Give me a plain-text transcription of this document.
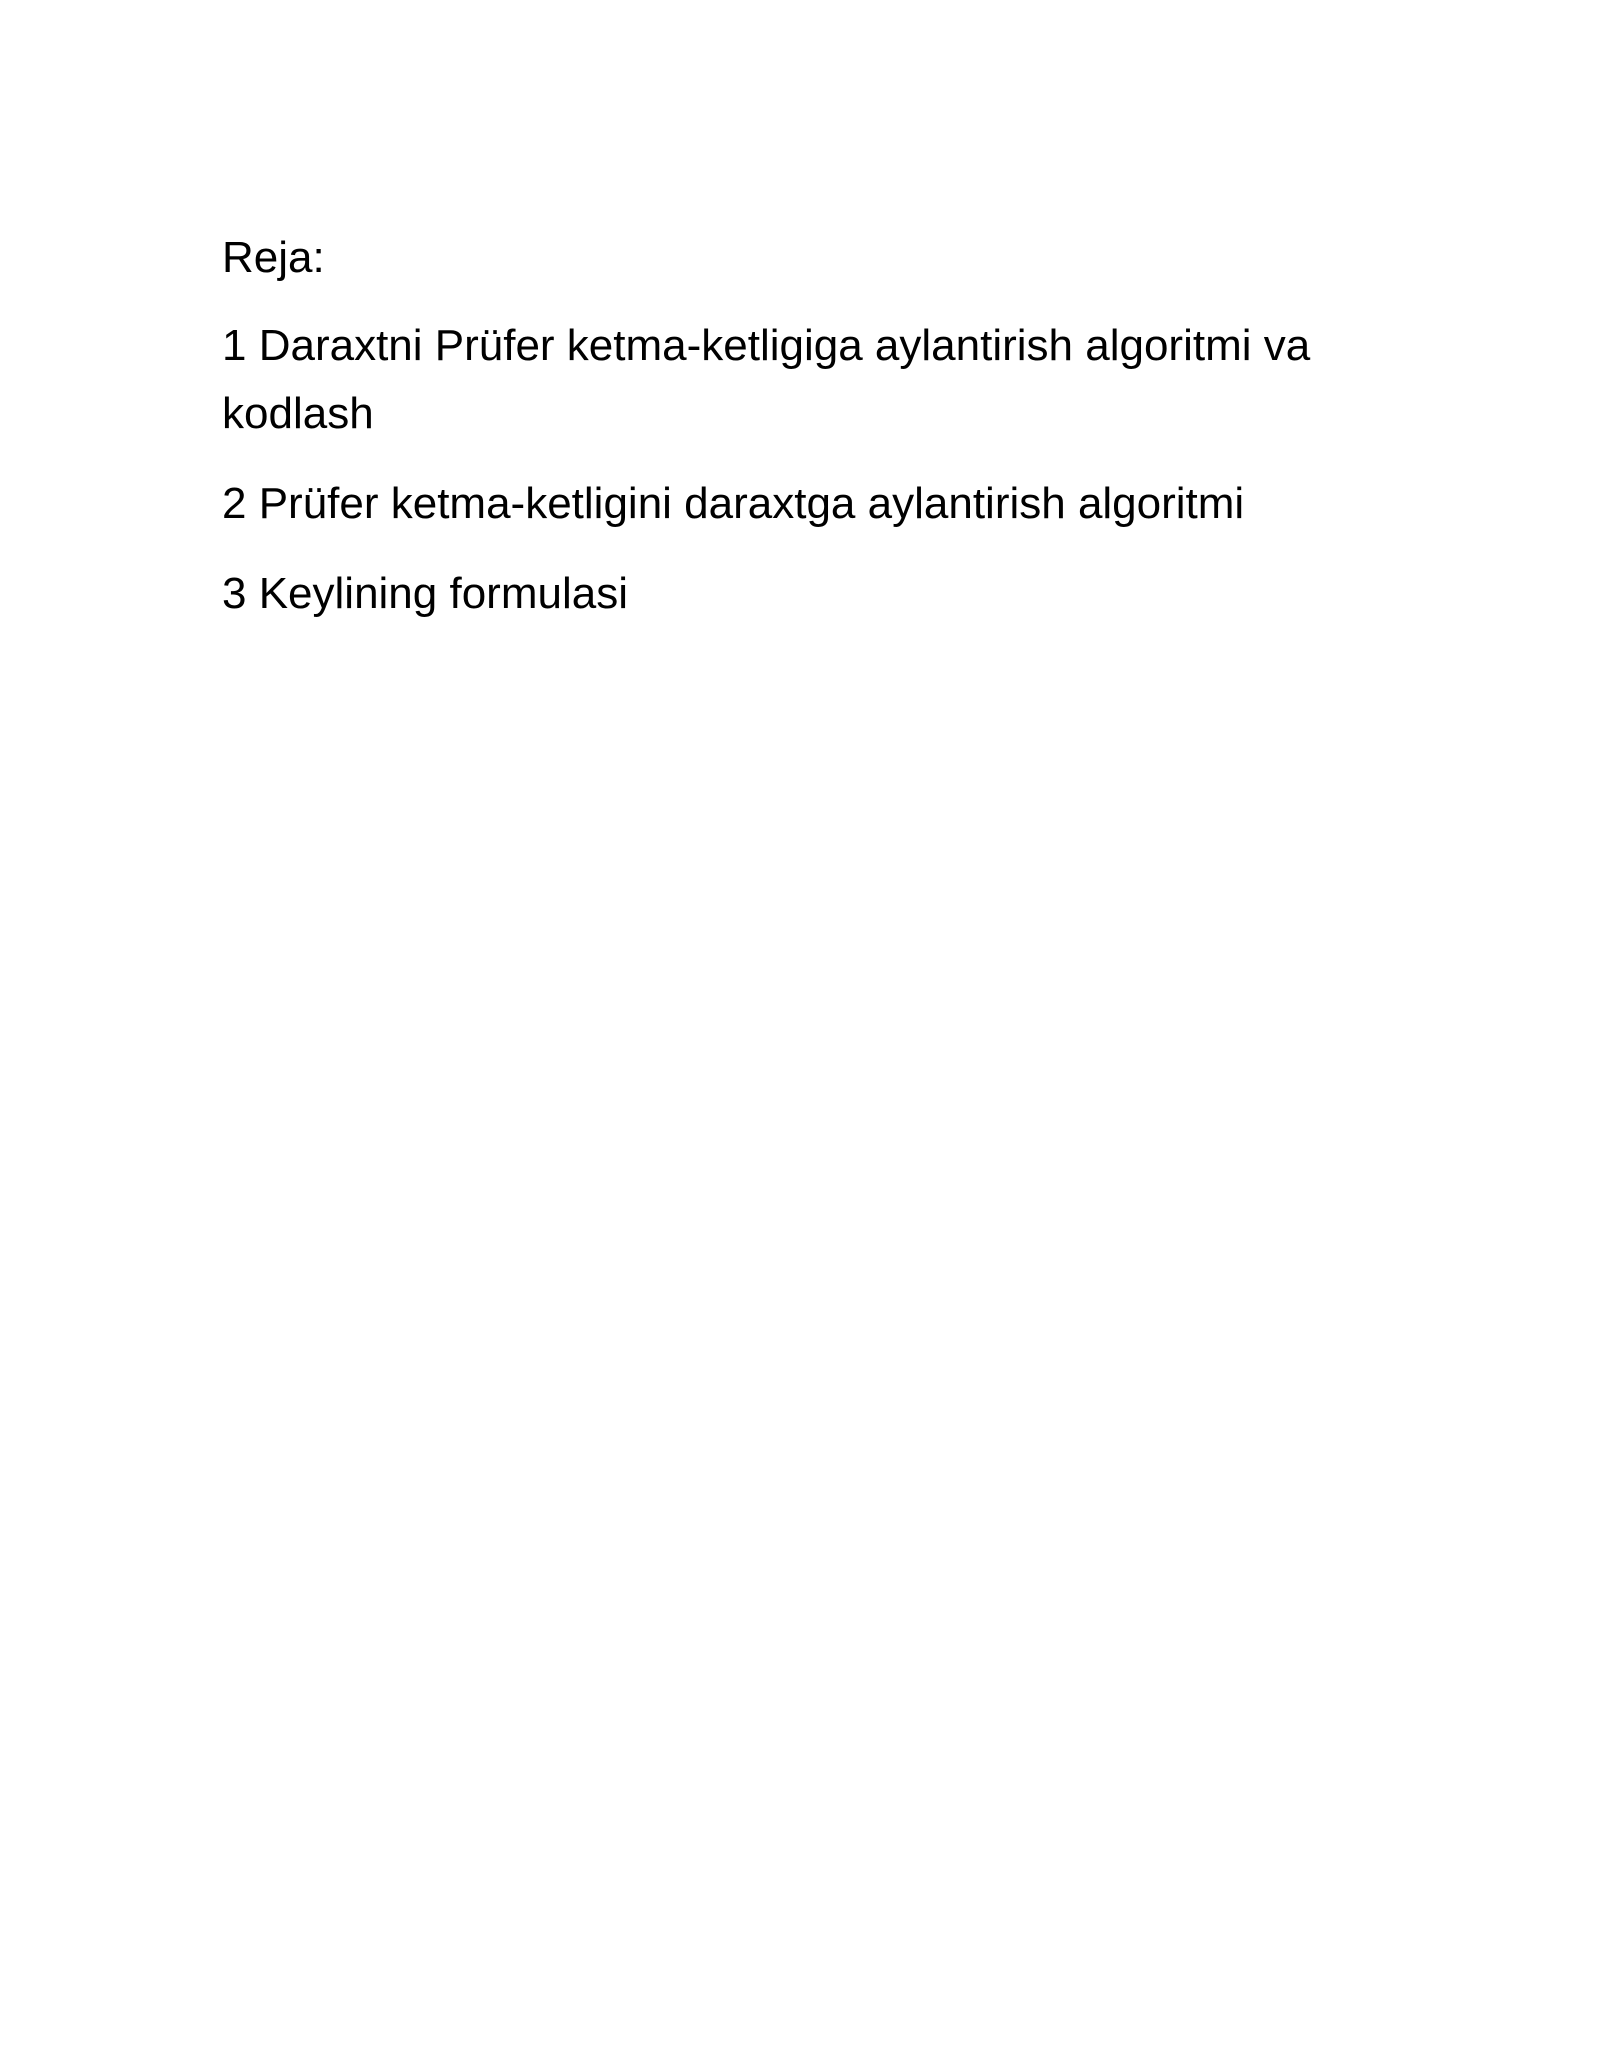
Reja:
1 Daraxtni Prüfer ketma-ketligiga aylantirish algoritmi va kodlash
2 Prüfer ketma-ketligini daraxtga aylantirish algoritmi
3 Keylining formulasi
